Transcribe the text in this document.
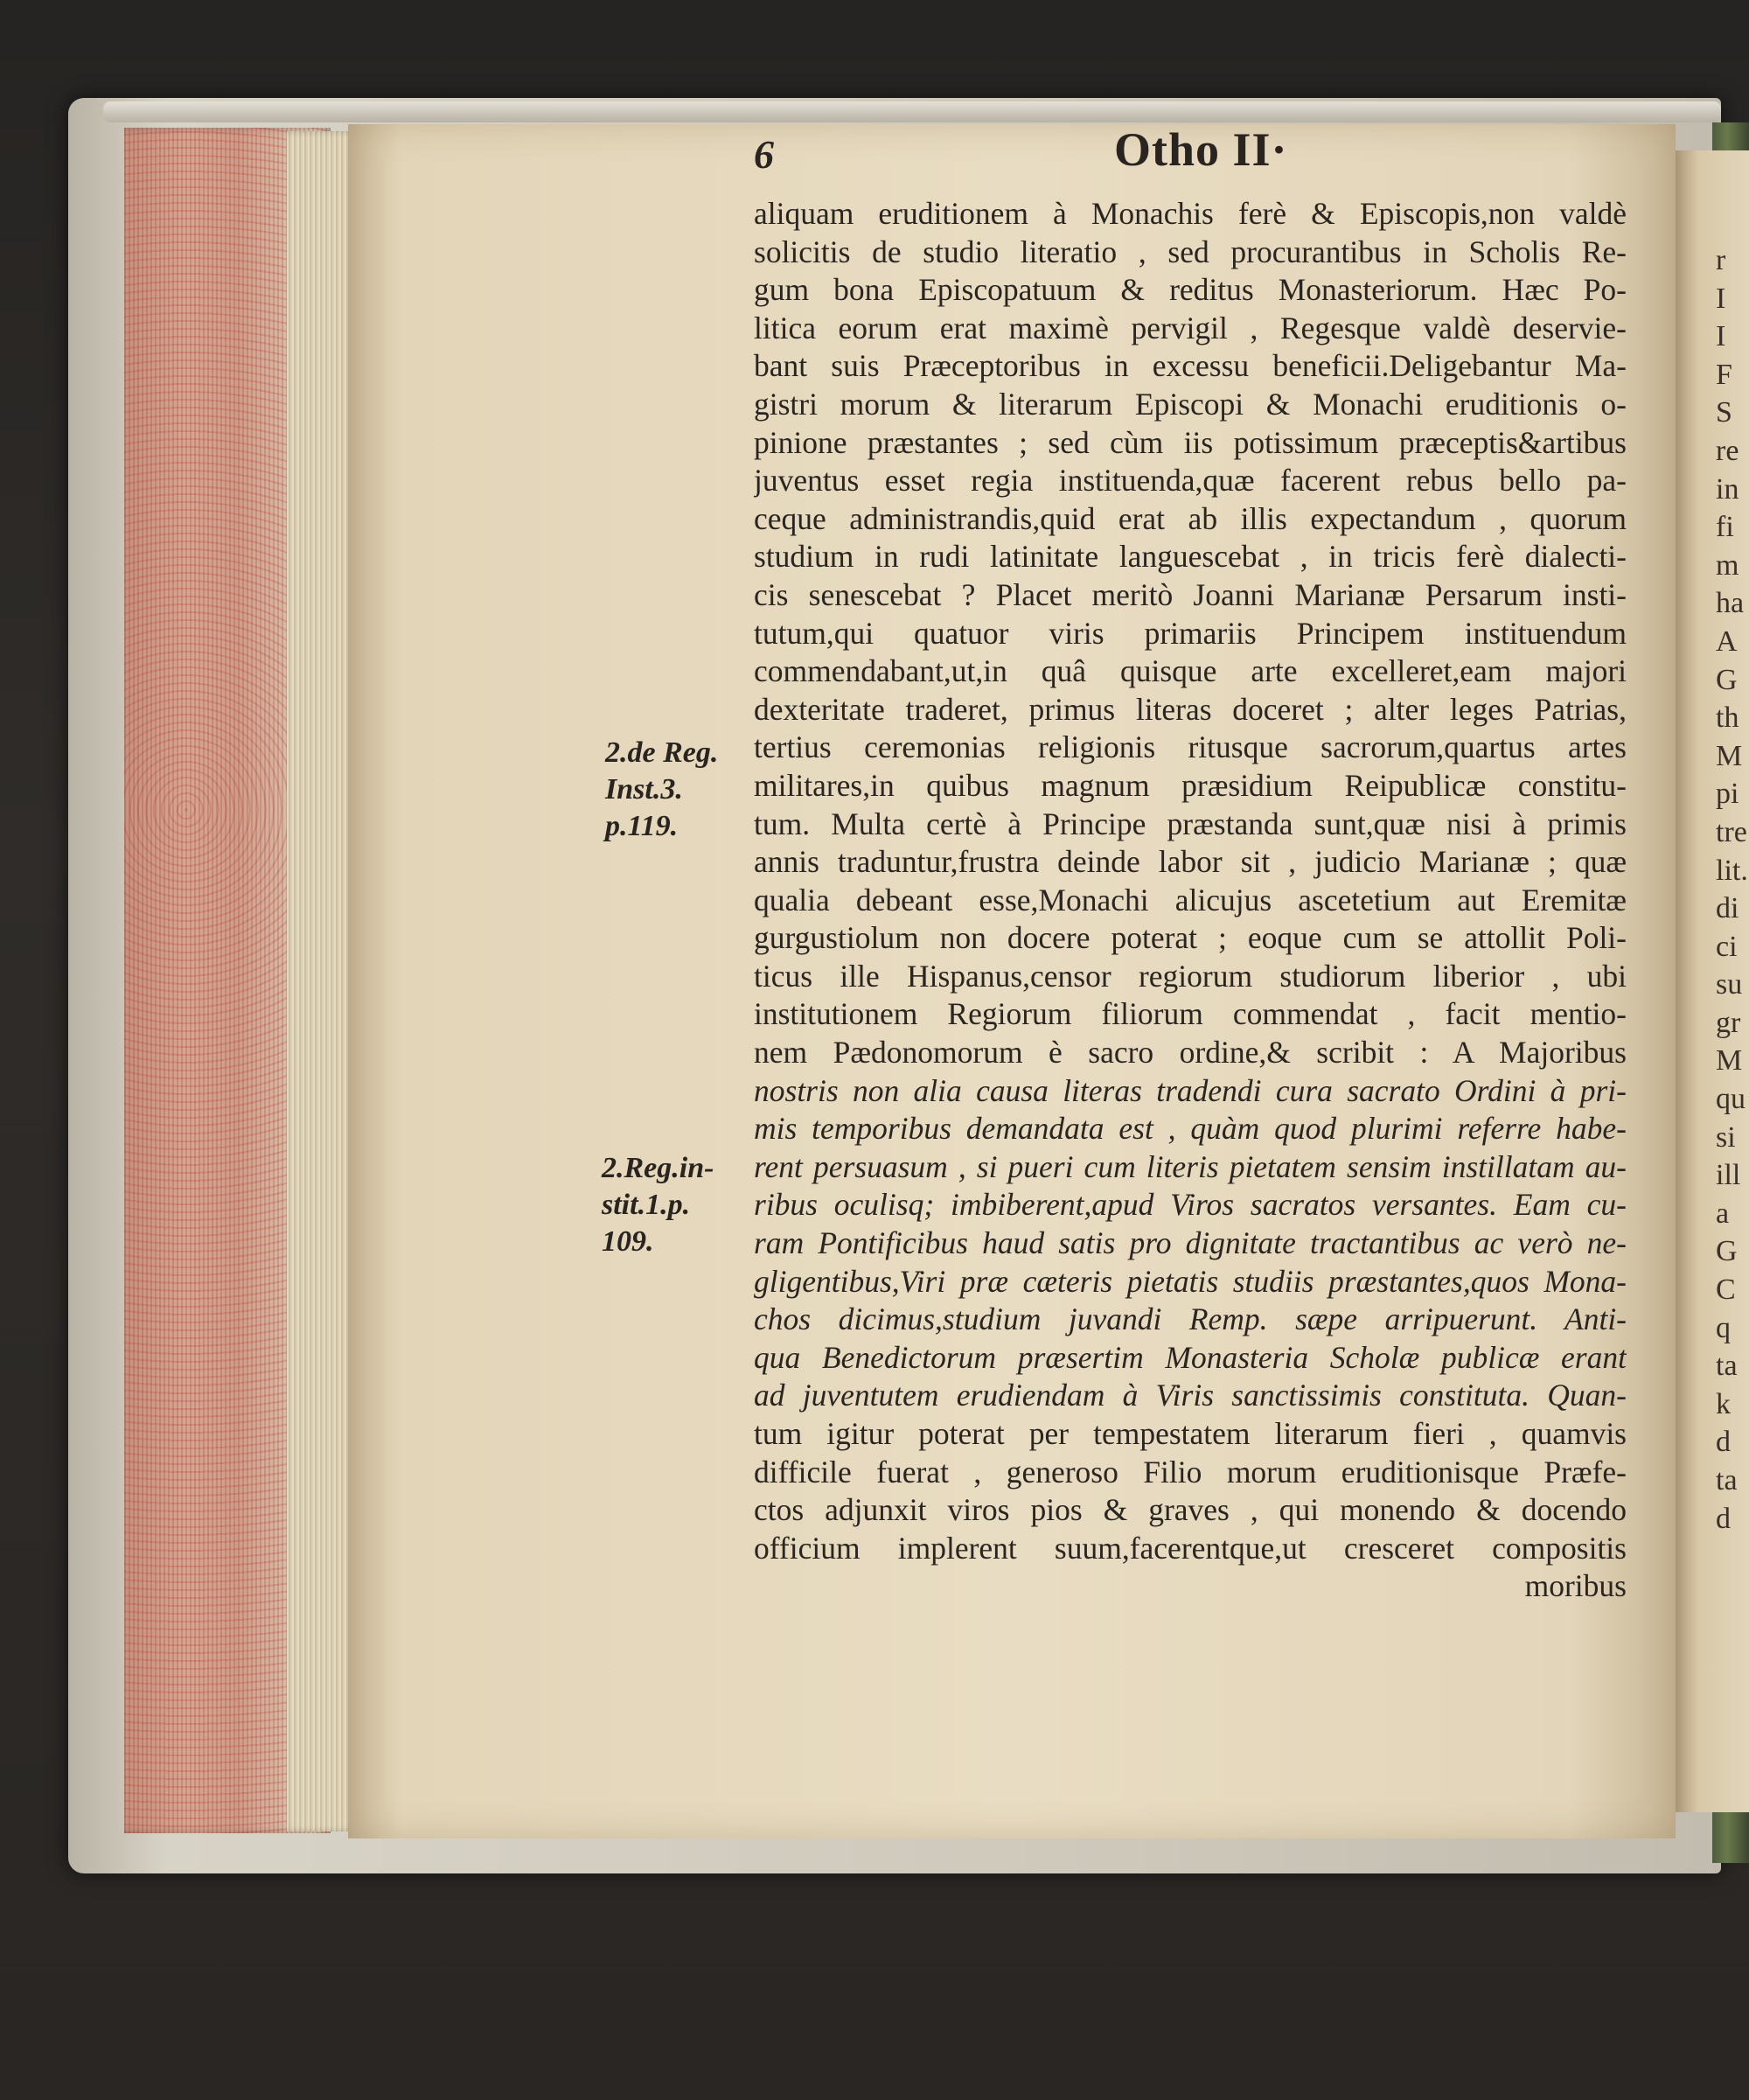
r
I
I
F
S
re
in
fi
m
ha
A
G
th
M
pi
tre
lit.
di
ci
su
gr
M
qu
si
ill
a
G
C
q
ta
k
d
ta
d
6	Otho II·
2.de Reg.
Inst.3.
p.119.
2.Reg.in-
stit.1.p.
109.
aliquam eruditionem à Monachis ferè & Episcopis,non valdè
solicitis de studio literatio , sed procurantibus in Scholis Re-
gum bona Episcopatuum & reditus Monasteriorum. Hæc Po-
litica eorum erat maximè pervigil , Regesque valdè deservie-
bant suis Præceptoribus in excessu beneficii.Deligebantur Ma-
gistri morum & literarum Episcopi & Monachi eruditionis o-
pinione præstantes ; sed cùm iis potissimum præceptis&artibus
juventus esset regia instituenda,quæ facerent rebus bello pa-
ceque administrandis,quid erat ab illis expectandum , quorum
studium in rudi latinitate languescebat , in tricis ferè dialecti-
cis senescebat ? Placet meritò Joanni Marianæ Persarum insti-
tutum,qui quatuor viris primariis Principem instituendum
commendabant,ut,in quâ quisque arte excelleret,eam majori
dexteritate traderet, primus literas doceret ; alter leges Patrias,
tertius ceremonias religionis ritusque sacrorum,quartus artes
militares,in quibus magnum præsidium Reipublicæ constitu-
tum. Multa certè à Principe præstanda sunt,quæ nisi à primis
annis traduntur,frustra deinde labor sit , judicio Marianæ ; quæ
qualia debeant esse,Monachi alicujus ascetetium aut Eremitæ
gurgustiolum non docere poterat ; eoque cum se attollit Poli-
ticus ille Hispanus,censor regiorum studiorum liberior , ubi
institutionem Regiorum filiorum commendat , facit mentio-
nem Pædonomorum è sacro ordine,& scribit : A Majoribus
nostris non alia causa literas tradendi cura sacrato Ordini à pri-
mis temporibus demandata est , quàm quod plurimi referre habe-
rent persuasum , si pueri cum literis pietatem sensim instillatam au-
ribus oculisq; imbiberent,apud Viros sacratos versantes. Eam cu-
ram Pontificibus haud satis pro dignitate tractantibus ac verò ne-
gligentibus,Viri præ cæteris pietatis studiis præstantes,quos Mona-
chos dicimus,studium juvandi Remp. sæpe arripuerunt. Anti-
qua Benedictorum præsertim Monasteria Scholæ publicæ erant
ad juventutem erudiendam à Viris sanctissimis constituta. Quan-
tum igitur poterat per tempestatem literarum fieri , quamvis
difficile fuerat , generoso Filio morum eruditionisque Præfe-
ctos adjunxit viros pios & graves , qui monendo & docendo
officium implerent suum,facerentque,ut cresceret compositis
moribus
